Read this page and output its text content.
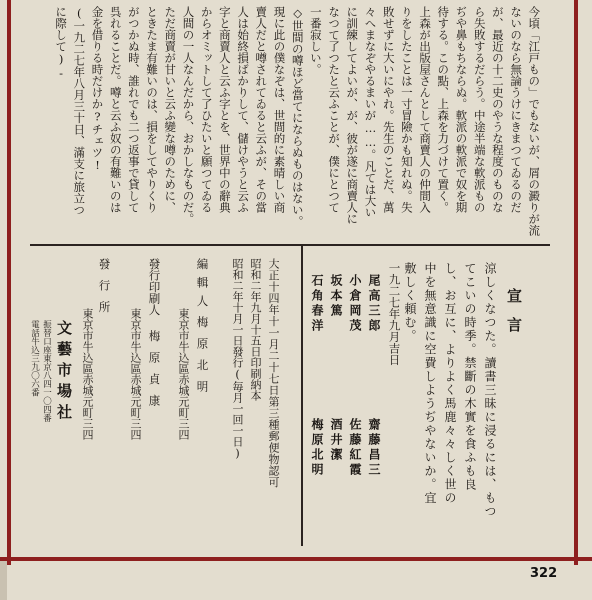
今頃「江戸もの」でもないが、屑の澱りが流
ないのなら無論うけにきまつてゐるのだ
が、最近の十二史のやうな程度のものな
ら失敗するだらう。中途半端な軟派もの
ぢや鼻もちならぬ。軟派の軟派で奴を期
待する。この點、上森を力づけて置く。
上森が出版屋さんとして商賣人の仲間入
りをしたことは一寸冒險かも知れぬ。失
敗せずに大いにやれ。先生のことだ、萬
々へまなぞやるまいが……。凡ては大い
に訓練してよいが、が、彼が遂に商賣人に
なつて了つたと云ふことが、僕にとつて
一番寂しい。
◇世間の噂ほど當てにならぬものはない。
現に此の僕なぞは、世間的に素晴しい商
賣人だと噂されてゐると云ふが、その當
人は始終損ばかりして、儲けやうと云ふ
字と商賣人と云ふ字とを、世界中の辭典
からオミットして了ひたいと願つてゐる
人間の一人なんだから、おかしなものだ。
ただ商賣が甘いと云ふ變な噂のために、
ときたま有難いのは、損をしてやりくり
がつかぬ時、誰れでも二つ返事で貸して
呉れることだ。噂と云ふ奴の有難いのは
金を借りる時だけか?チェツ!
(一九二七年八月三十日、滿支に旅立つ
に際して)-
宣言
涼しくなつた。讀書三昧に浸るには、もつ
てこいの時季。禁斷の木實を食ふも良
し、お互に、よりよく馬鹿々々しく世の
中を無意識に空費しようぢやないか。宜
敷しく頼む。
一九二七年九月吉日
尾高三郎
小倉岡茂
坂本篤
石角春洋
齋藤昌三
佐藤紅霞
酒井潔
梅原北明
大正十四年十一月二十七日第三種郵便物認可
昭和二年九月十五日印刷納本
昭和二年十月一日發行(毎月一回一日)
編輯人
東京市牛込區赤城元町三四 梅原北明
發行印刷人
東京市牛込區赤城元町三四 梅原貞康
發行所
東京市牛込區赤城元町三四
文藝市場社
振替口座東京八四一〇四番
電話牛込三九〇六番
322
